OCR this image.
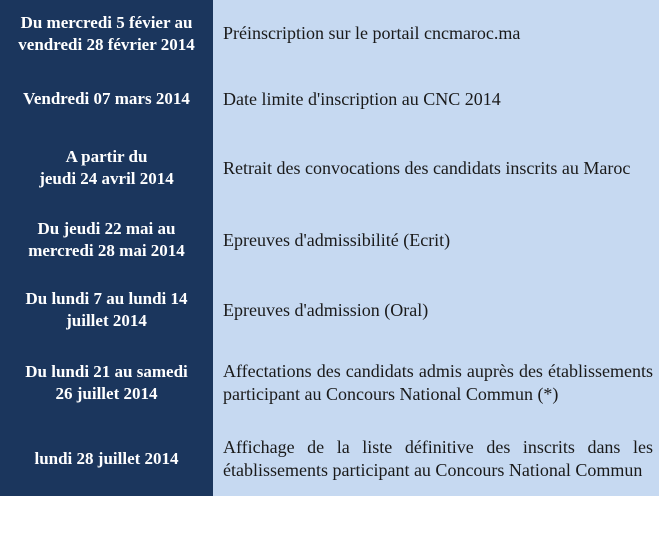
Du mercredi 5 févier au
vendredi 28 février 2014
Préinscription sur le portail cncmaroc.ma
Vendredi 07 mars 2014	Date limite d'inscription au CNC 2014
A partir du
jeudi 24 avril 2014
Retrait des convocations des candidats inscrits au Maroc
Du jeudi 22 mai au
mercredi 28 mai 2014
Epreuves d'admissibilité (Ecrit)
Du lundi 7 au lundi 14
juillet 2014
Epreuves d'admission (Oral)
Du lundi 21 au samedi
26 juillet 2014
Affectations des candidats admis auprès des établissements participant au Concours National Commun (*)
lundi 28 juillet 2014
Affichage de la liste définitive des inscrits dans les établissements participant au Concours National Commun
